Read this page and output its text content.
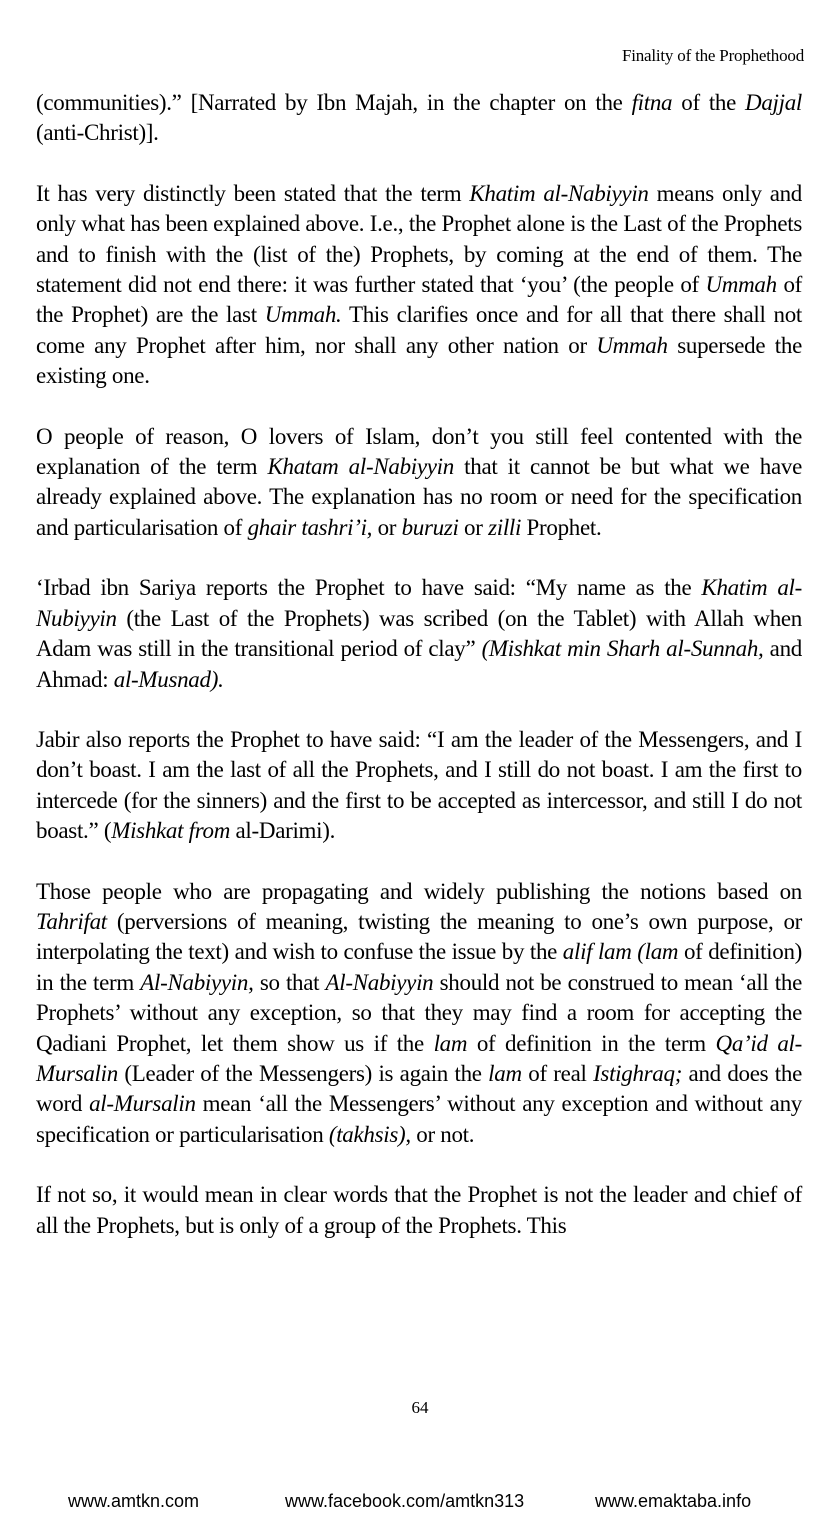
Finality of the Prophethood

(communities).” [Narrated by Ibn Majah, in the chapter on the fitna of the Dajjal (anti-Christ)].

It has very distinctly been stated that the term Khatim al-Nabiyyin means only and only what has been explained above. I.e., the Prophet alone is the Last of the Prophets and to finish with the (list of the) Prophets, by coming at the end of them. The statement did not end there: it was further stated that ‘you’ (the people of Ummah of the Prophet) are the last Ummah. This clarifies once and for all that there shall not come any Prophet after him, nor shall any other nation or Ummah supersede the existing one.

O people of reason, O lovers of Islam, don’t you still feel contented with the explanation of the term Khatam al-Nabiyyin that it cannot be but what we have already explained above. The explanation has no room or need for the specification and particularisation of ghair tashri’i, or buruzi or zilli Prophet.

‘Irbad ibn Sariya reports the Prophet to have said: “My name as the Khatim al-Nubiyyin (the Last of the Prophets) was scribed (on the Tablet) with Allah when Adam was still in the transitional period of clay” (Mishkat min Sharh al-Sunnah, and Ahmad: al-Musnad).

Jabir also reports the Prophet to have said: “I am the leader of the Messengers, and I don’t boast. I am the last of all the Prophets, and I still do not boast. I am the first to intercede (for the sinners) and the first to be accepted as intercessor, and still I do not boast.” (Mishkat from al-Darimi).

Those people who are propagating and widely publishing the notions based on Tahrifat (perversions of meaning, twisting the meaning to one’s own purpose, or interpolating the text) and wish to confuse the issue by the alif lam (lam of definition) in the term Al-Nabiyyin, so that Al-Nabiyyin should not be construed to mean ‘all the Prophets’ without any exception, so that they may find a room for accepting the Qadiani Prophet, let them show us if the lam of definition in the term Qa’id al-Mursalin (Leader of the Messengers) is again the lam of real Istighraq; and does the word al-Mursalin mean ‘all the Messengers’ without any exception and without any specification or particularisation (takhsis), or not.

If not so, it would mean in clear words that the Prophet is not the leader and chief of all the Prophets, but is only of a group of the Prophets. This

64
www.amtkn.com	www.facebook.com/amtkn313	www.emaktaba.info
